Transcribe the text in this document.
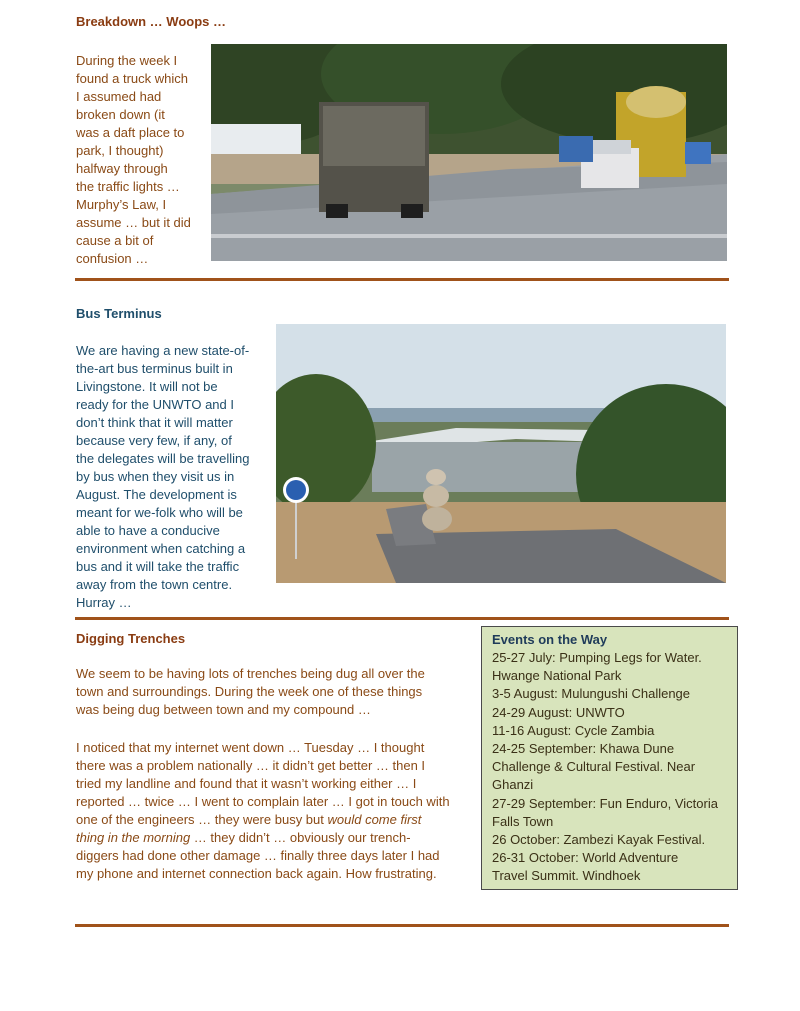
Breakdown … Woops …
During the week I
found a truck which
I assumed had
broken down (it
was a daft place to
park, I thought)
halfway through
the traffic lights …
Murphy’s Law, I
assume … but it did
cause a bit of
confusion …
Bus Terminus
We are having a new state-of-
the-art bus terminus built in
Livingstone. It will not be
ready for the UNWTO and I
don’t think that it will matter
because very few, if any, of
the delegates will be travelling
by bus when they visit us in
August. The development is
meant for we-folk who will be
able to have a conducive
environment when catching a
bus and it will take the traffic
away from the town centre.
Hurray …
Digging Trenches
We seem to be having lots of trenches being dug all over the
town and surroundings. During the week one of these things
was being dug between town and my compound …
I noticed that my internet went down … Tuesday … I thought
there was a problem nationally … it didn’t get better … then I
tried my landline and found that it wasn’t working either … I
reported … twice … I went to complain later … I got in touch with
one of the engineers … they were busy but would come first
thing in the morning … they didn’t … obviously our trench-
diggers had done other damage … finally three days later I had
my phone and internet connection back again. How frustrating.
Events on the Way
25-27 July: Pumping Legs for Water.
Hwange National Park
3-5 August: Mulungushi Challenge
24-29 August: UNWTO
11-16 August: Cycle Zambia
24-25 September: Khawa Dune
Challenge & Cultural Festival. Near
Ghanzi
27-29 September: Fun Enduro, Victoria
Falls Town
26 October: Zambezi Kayak Festival.
26-31 October: World Adventure
Travel Summit. Windhoek
